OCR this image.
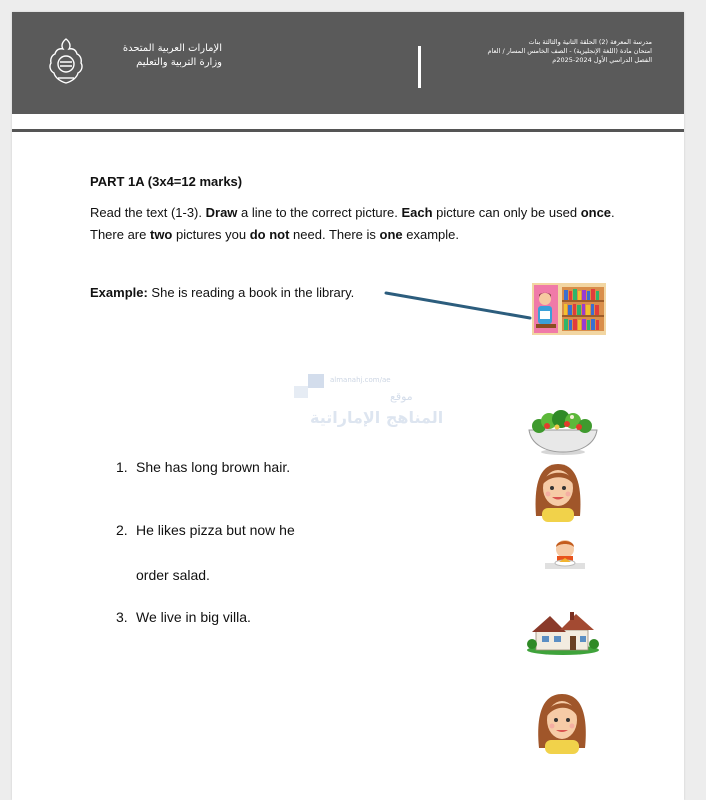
الإمارات العربية المتحدة
وزارة التربية والتعليم
مدرسة المعرفة (2) الحلقة الثانية والثالثة بنات
امتحان مادة (اللغة الإنجليزية) - الصف الخامس المسار / العام
الفصل الدراسي الأول 2024-2025م
PART 1A (3x4=12 marks)
Read the text (1-3). Draw a line to the correct picture. Each picture can only be used once. There are two pictures you do not need. There is one example.
Example: She is reading a book in the library.
almanahj.com/ae
موقع
المناهج الإماراتية
1. She has long brown hair.
2. He likes pizza but now he
order salad.
3. We live in big villa.
